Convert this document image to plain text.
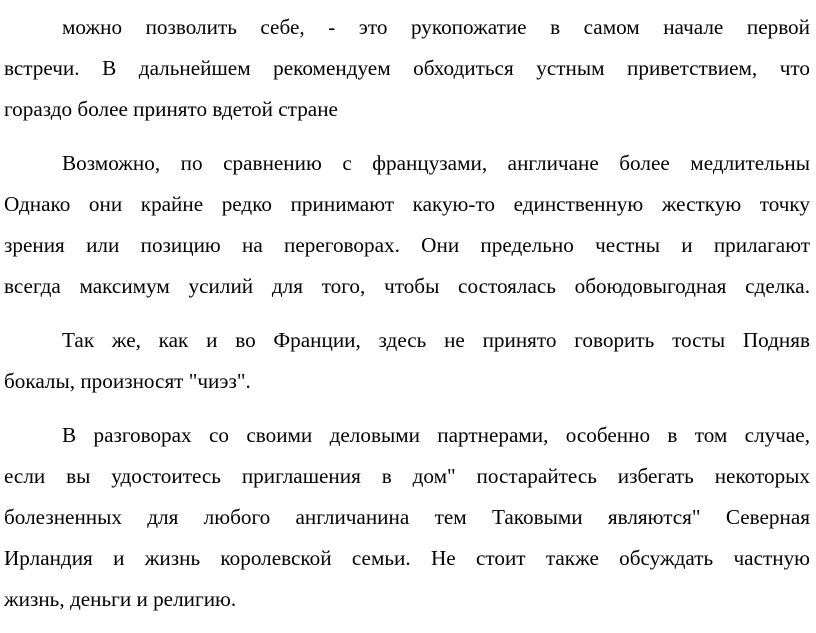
можно позволить себе, - это рукопожатие в самом начале первой
встречи. В дальнейшем рекомендуем обходиться устным приветствием, что
гораздо более принято вдетой стране
Возможно, по сравнению с французами, англичане более медлительны
Однако они крайне редко принимают какую-то единственную жесткую точку
зрения или позицию на переговорах. Они предельно честны и прилагают
всегда максимум усилий для того, чтобы состоялась обоюдовыгодная сделка.
Так же, как и во Франции, здесь не принято говорить тосты Подняв
бокалы, произносят "чиэз".
В разговорах со своими деловыми партнерами, особенно в том случае,
если вы удостоитесь приглашения в дом" постарайтесь избегать некоторых
болезненных для любого англичанина тем Таковыми являются" Северная
Ирландия и жизнь королевской семьи. Не стоит также обсуждать частную
жизнь, деньги и религию.
